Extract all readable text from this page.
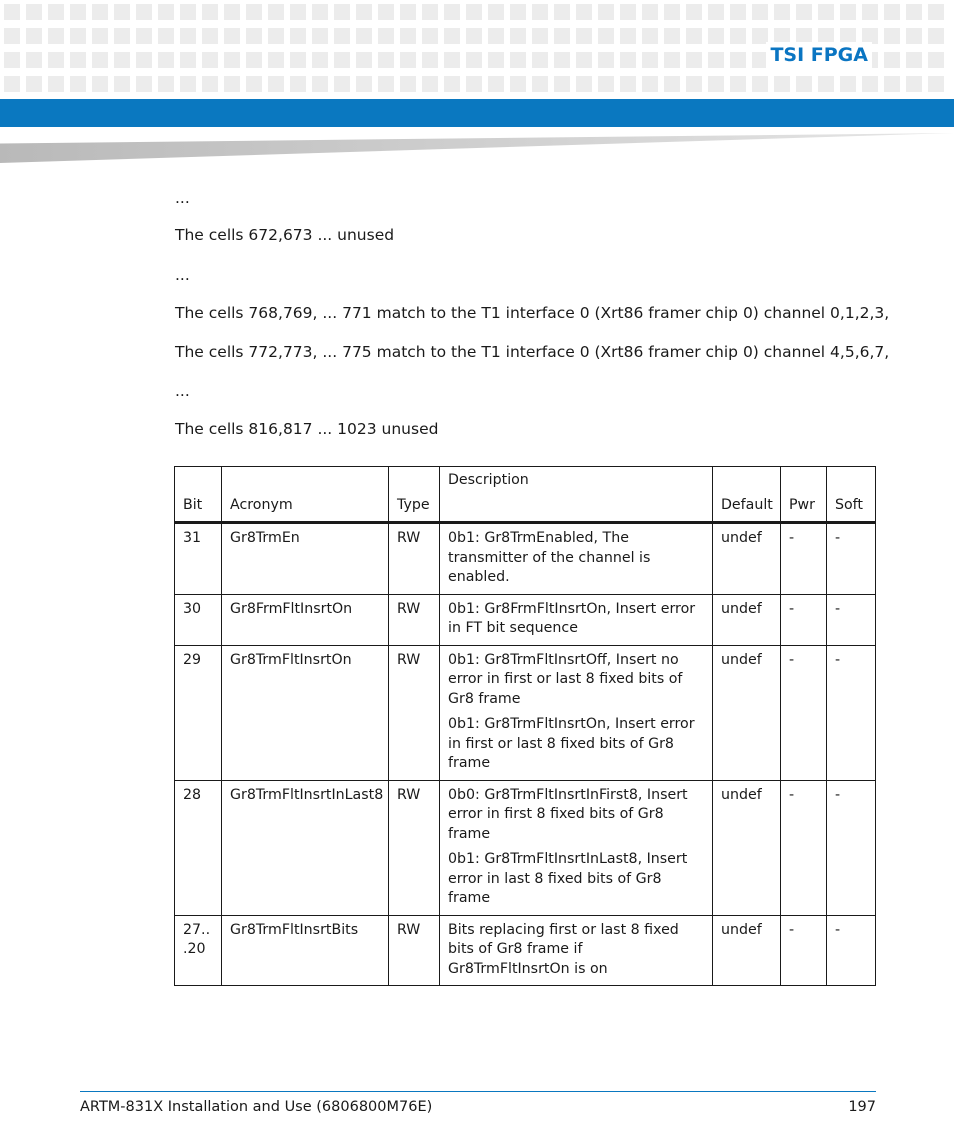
TSI FPGA
...
The cells 672,673 ... unused
...
The cells 768,769, ... 771 match to the T1 interface 0 (Xrt86 framer chip 0) channel 0,1,2,3,
The cells 772,773, ... 775 match to the T1 interface 0 (Xrt86 framer chip 0) channel 4,5,6,7,
...
The cells 816,817 ... 1023 unused
Bit	Acronym	Type	Description	Default	Pwr	Soft
31	Gr8TrmEn	RW	0b1: Gr8TrmEnabled, The transmitter of the channel is enabled.	undef	-	-
30	Gr8FrmFltInsrtOn	RW	0b1: Gr8FrmFltInsrtOn, Insert error in FT bit sequence	undef	-	-
29	Gr8TrmFltInsrtOn	RW	0b1: Gr8TrmFltInsrtOff, Insert no error in first or last 8 fixed bits of Gr8 frame

0b1: Gr8TrmFltInsrtOn, Insert error in first or last 8 fixed bits of Gr8 frame	undef	-	-
28	Gr8TrmFltInsrtInLast8	RW	0b0: Gr8TrmFltInsrtInFirst8, Insert error in first 8 fixed bits of Gr8 frame

0b1: Gr8TrmFltInsrtInLast8, Insert error in last 8 fixed bits of Gr8 frame	undef	-	-
27..
.20	Gr8TrmFltInsrtBits	RW	Bits replacing first or last 8 fixed bits of Gr8 frame if Gr8TrmFltInsrtOn is on	undef	-	-
ARTM-831X Installation and Use (6806800M76E)	197
